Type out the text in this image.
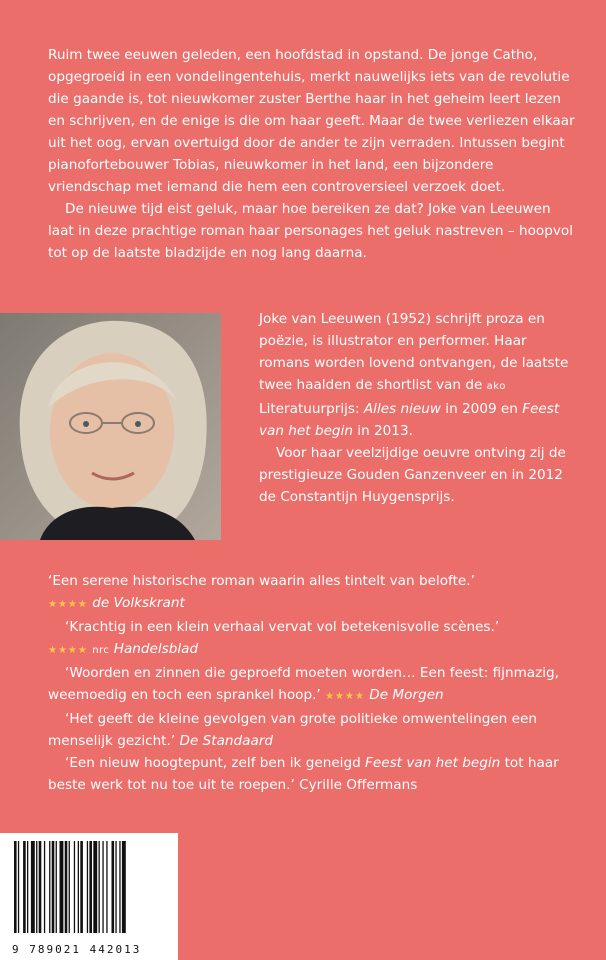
Ruim twee eeuwen geleden, een hoofdstad in opstand. De jonge Catho, opgegroeid in een vondelingentehuis, merkt nauwelijks iets van de revolutie die gaande is, tot nieuwkomer zuster Berthe haar in het geheim leert lezen en schrijven, en de enige is die om haar geeft. Maar de twee verliezen elkaar uit het oog, ervan overtuigd door de ander te zijn verraden. Intussen begint pianofortebouwer Tobias, nieuwkomer in het land, een bijzondere vriendschap met iemand die hem een controversieel verzoek doet.

De nieuwe tijd eist geluk, maar hoe bereiken ze dat? Joke van Leeuwen laat in deze prachtige roman haar personages het geluk nastreven – hoopvol tot op de laatste bladzijde en nog lang daarna.

Joke van Leeuwen (1952) schrijft proza en poëzie, is illustrator en performer. Haar romans worden lovend ontvangen, de laatste twee haalden de shortlist van de ako Literatuurprijs: Alles nieuw in 2009 en Feest van het begin in 2013.

Voor haar veelzijdige oeuvre ontving zij de prestigieuze Gouden Ganzenveer en in 2012 de Constantijn Huygensprijs.

‘Een serene historische roman waarin alles tintelt van belofte.’
★★★★ de Volkskrant

‘Krachtig in een klein verhaal vervat vol betekenisvolle scènes.’
★★★★ nrc Handelsblad

‘Woorden en zinnen die geproefd moeten worden… Een feest: fijnmazig, weemoedig en toch een sprankel hoop.’ ★★★★ De Morgen

‘Het geeft de kleine gevolgen van grote politieke omwentelingen een menselijk gezicht.’ De Standaard

‘Een nieuw hoogtepunt, zelf ben ik geneigd Feest van het begin tot haar beste werk tot nu toe uit te roepen.’ Cyrille Offermans

9 789021 442013
